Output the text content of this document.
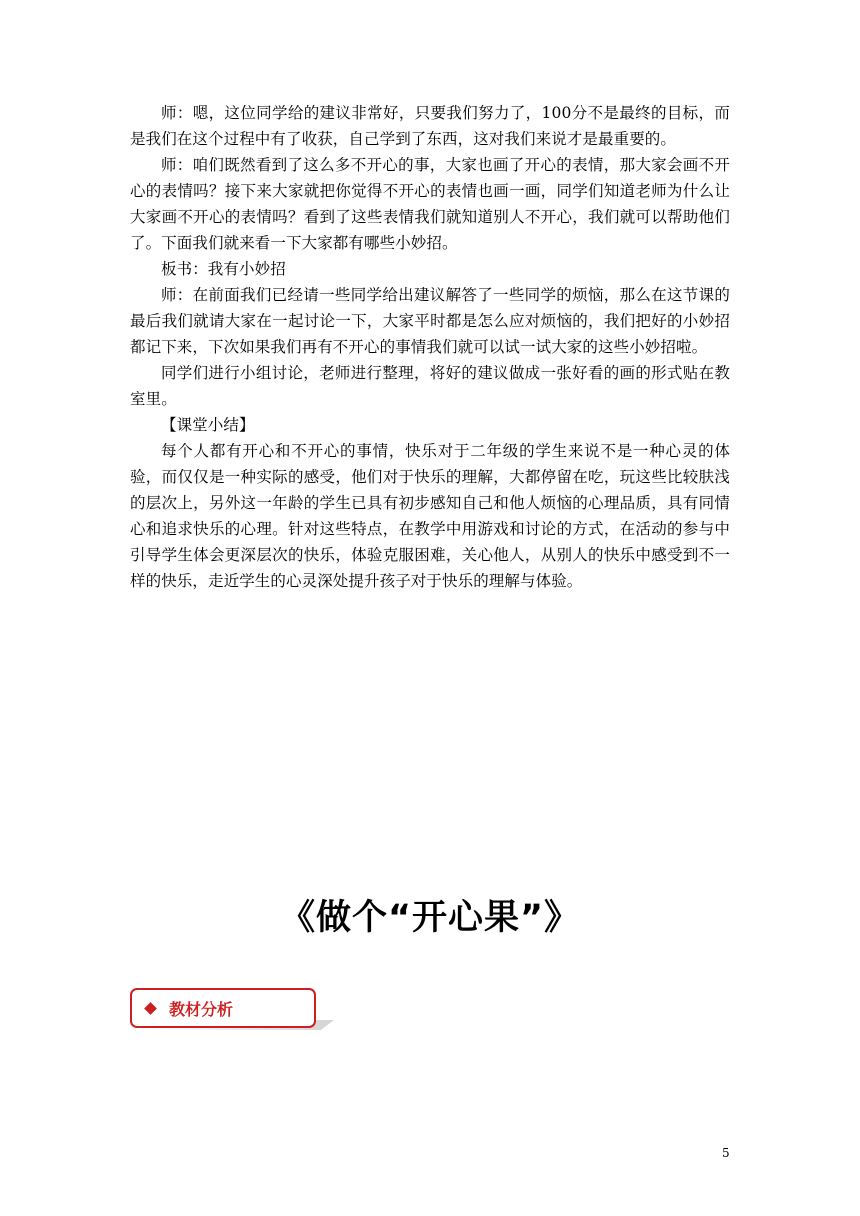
师：嗯，这位同学给的建议非常好，只要我们努力了，100分不是最终的目标，而是我们在这个过程中有了收获，自己学到了东西，这对我们来说才是最重要的。

师：咱们既然看到了这么多不开心的事，大家也画了开心的表情，那大家会画不开心的表情吗？接下来大家就把你觉得不开心的表情也画一画，同学们知道老师为什么让大家画不开心的表情吗？看到了这些表情我们就知道别人不开心，我们就可以帮助他们了。下面我们就来看一下大家都有哪些小妙招。

板书：我有小妙招

师：在前面我们已经请一些同学给出建议解答了一些同学的烦恼，那么在这节课的最后我们就请大家在一起讨论一下，大家平时都是怎么应对烦恼的，我们把好的小妙招都记下来，下次如果我们再有不开心的事情我们就可以试一试大家的这些小妙招啦。

同学们进行小组讨论，老师进行整理，将好的建议做成一张好看的画的形式贴在教室里。

【课堂小结】

每个人都有开心和不开心的事情，快乐对于二年级的学生来说不是一种心灵的体验，而仅仅是一种实际的感受，他们对于快乐的理解，大都停留在吃，玩这些比较肤浅的层次上，另外这一年龄的学生已具有初步感知自己和他人烦恼的心理品质，具有同情心和追求快乐的心理。针对这些特点，在教学中用游戏和讨论的方式，在活动的参与中引导学生体会更深层次的快乐，体验克服困难，关心他人，从别人的快乐中感受到不一样的快乐，走近学生的心灵深处提升孩子对于快乐的理解与体验。

《做个“开心果”》
教材分析
5
